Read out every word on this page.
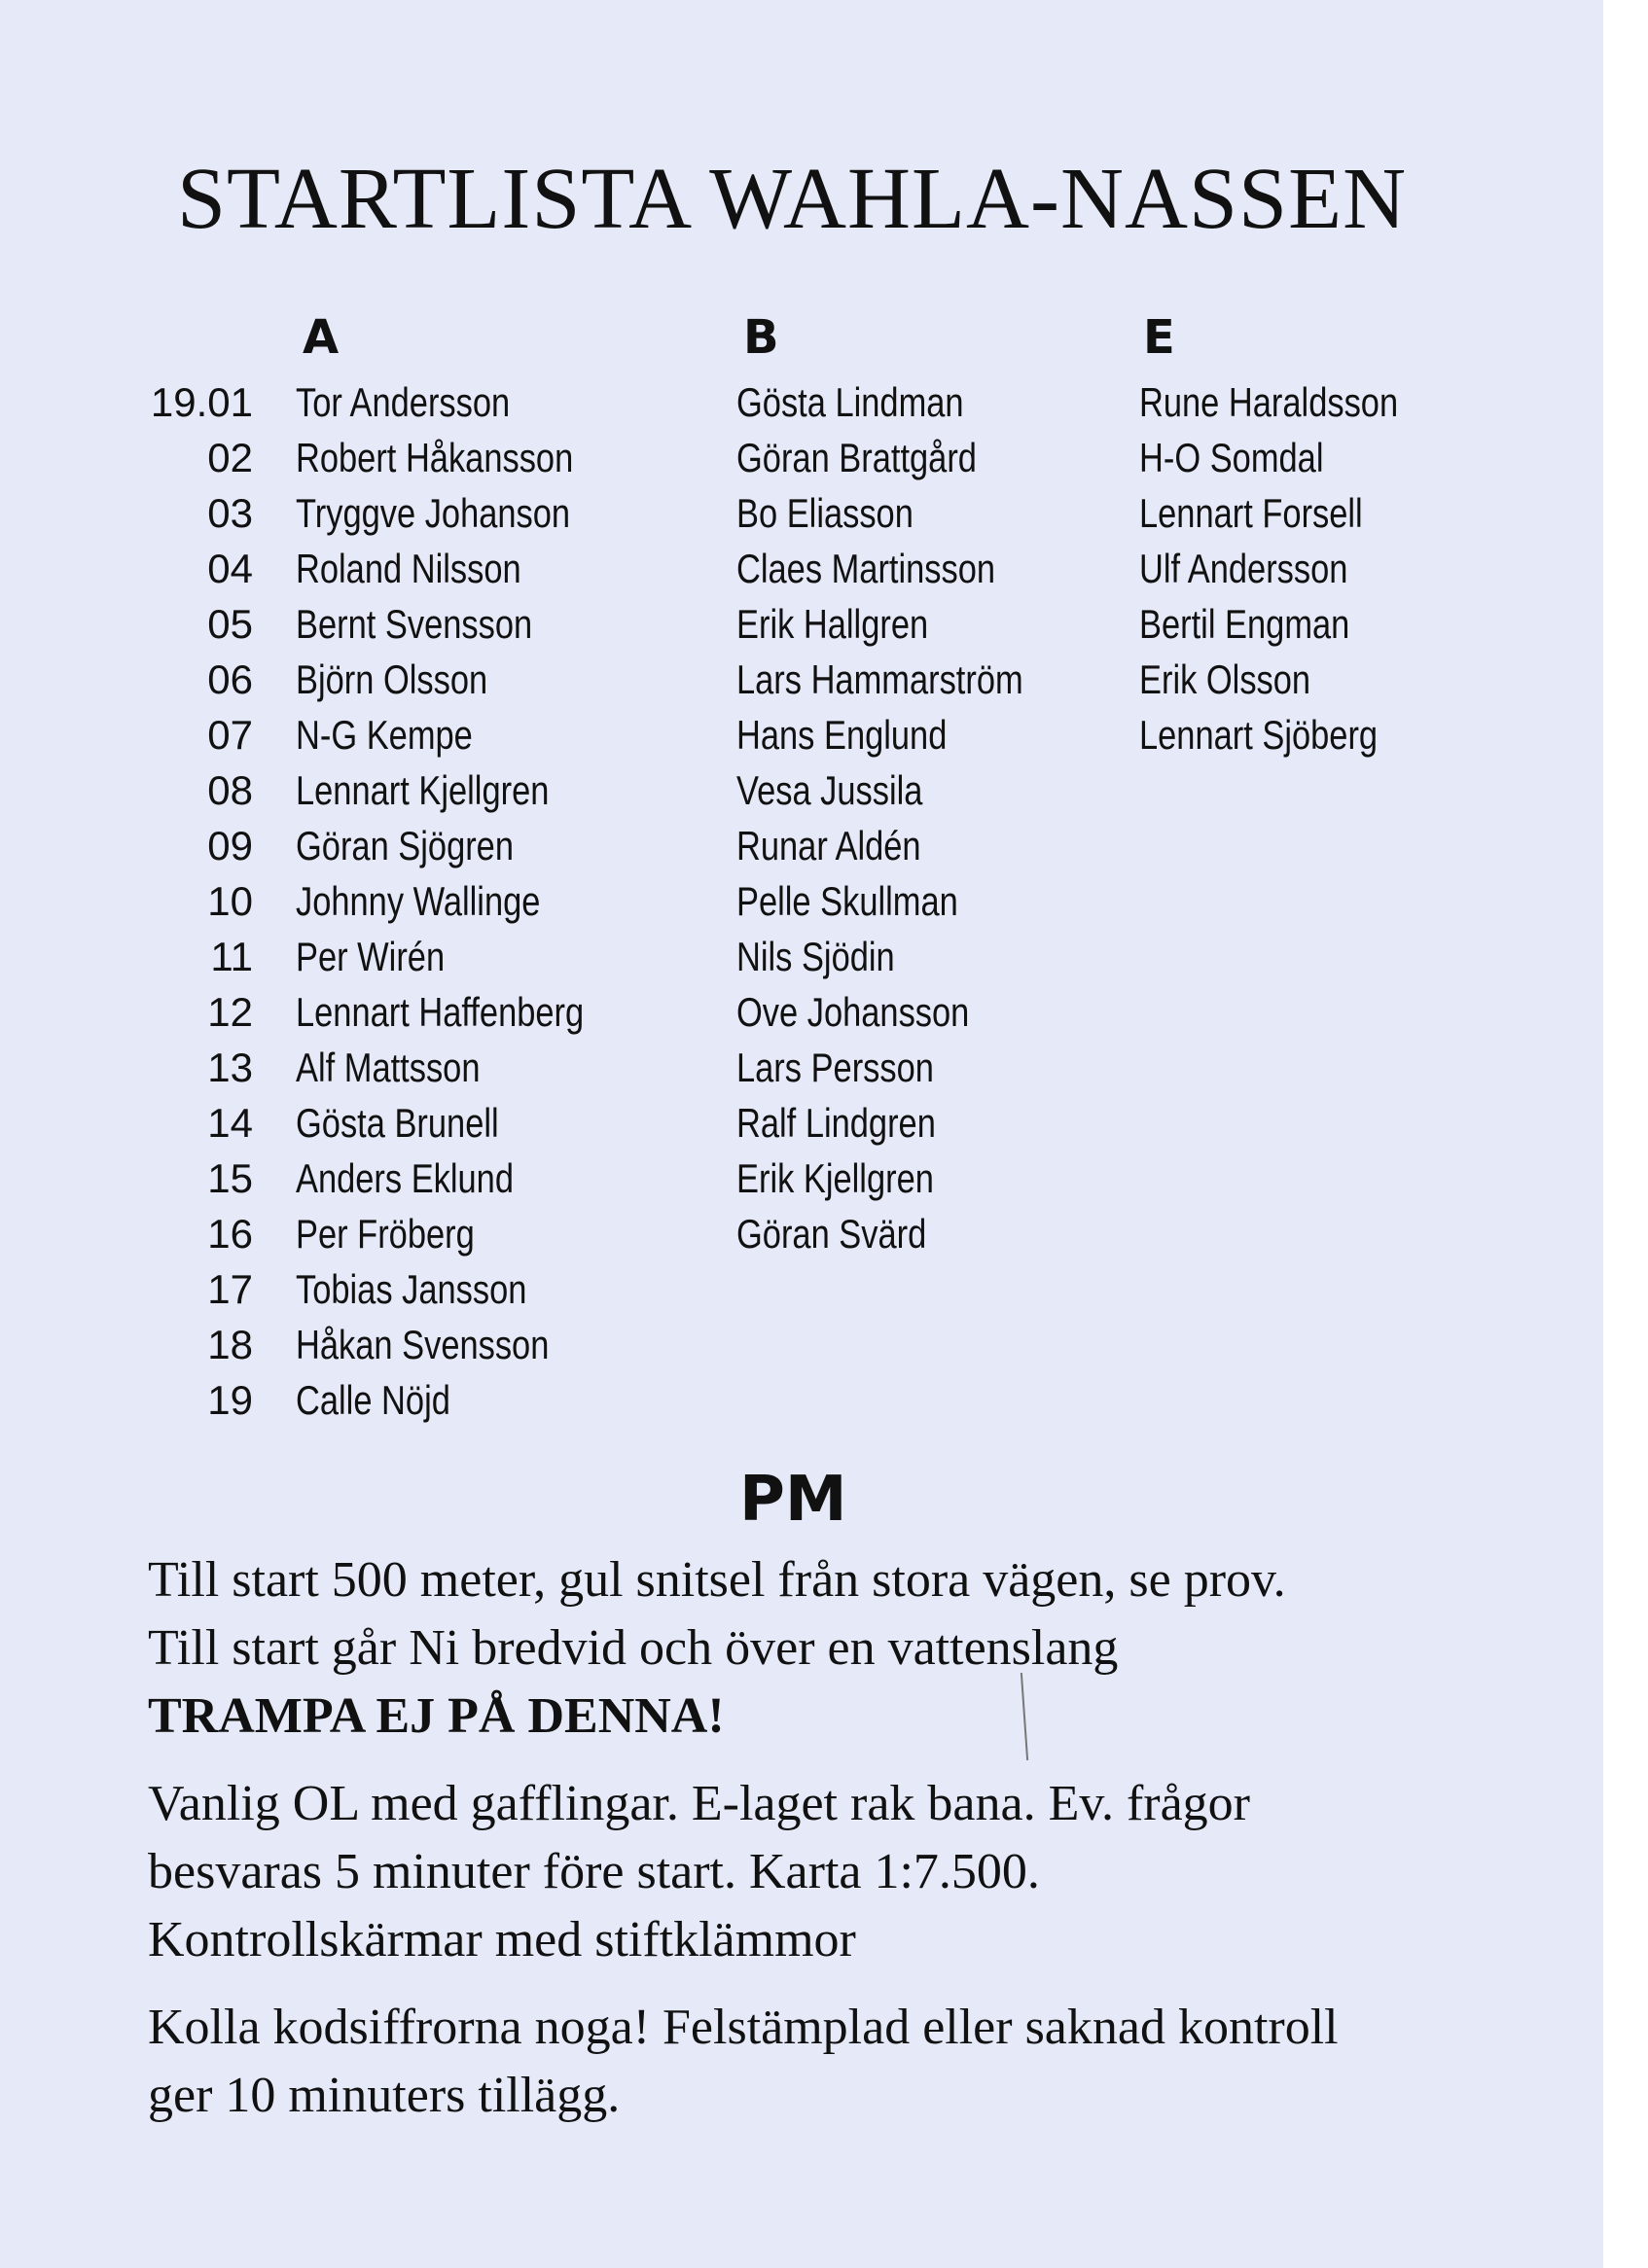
STARTLISTA WAHLA-NASSEN
A	B	E
19.01 Tor Andersson	Gösta Lindman	Rune Haraldsson
02 Robert Håkansson	Göran Brattgård	H-O Somdal
03 Tryggve Johanson	Bo Eliasson	Lennart Forsell
04 Roland Nilsson	Claes Martinsson	Ulf Andersson
05 Bernt Svensson	Erik Hallgren	Bertil Engman
06 Björn Olsson	Lars Hammarström	Erik Olsson
07 N-G Kempe	Hans Englund	Lennart Sjöberg
08 Lennart Kjellgren	Vesa Jussila
09 Göran Sjögren	Runar Aldén
10 Johnny Wallinge	Pelle Skullman
11 Per Wirén	Nils Sjödin
12 Lennart Haffenberg	Ove Johansson
13 Alf Mattsson	Lars Persson
14 Gösta Brunell	Ralf Lindgren
15 Anders Eklund	Erik Kjellgren
16 Per Fröberg	Göran Svärd
17 Tobias Jansson
18 Håkan Svensson
19 Calle Nöjd
PM

Till start 500 meter, gul snitsel från stora vägen, se prov.

Till start går Ni bredvid och över en vattenslang

TRAMPA EJ PÅ DENNA!

Vanlig OL med gafflingar. E-laget rak bana. Ev. frågor

besvaras 5 minuter före start. Karta 1:7.500.

Kontrollskärmar med stiftklämmor

Kolla kodsiffrorna noga! Felstämplad eller saknad kontroll

ger 10 minuters tillägg.
